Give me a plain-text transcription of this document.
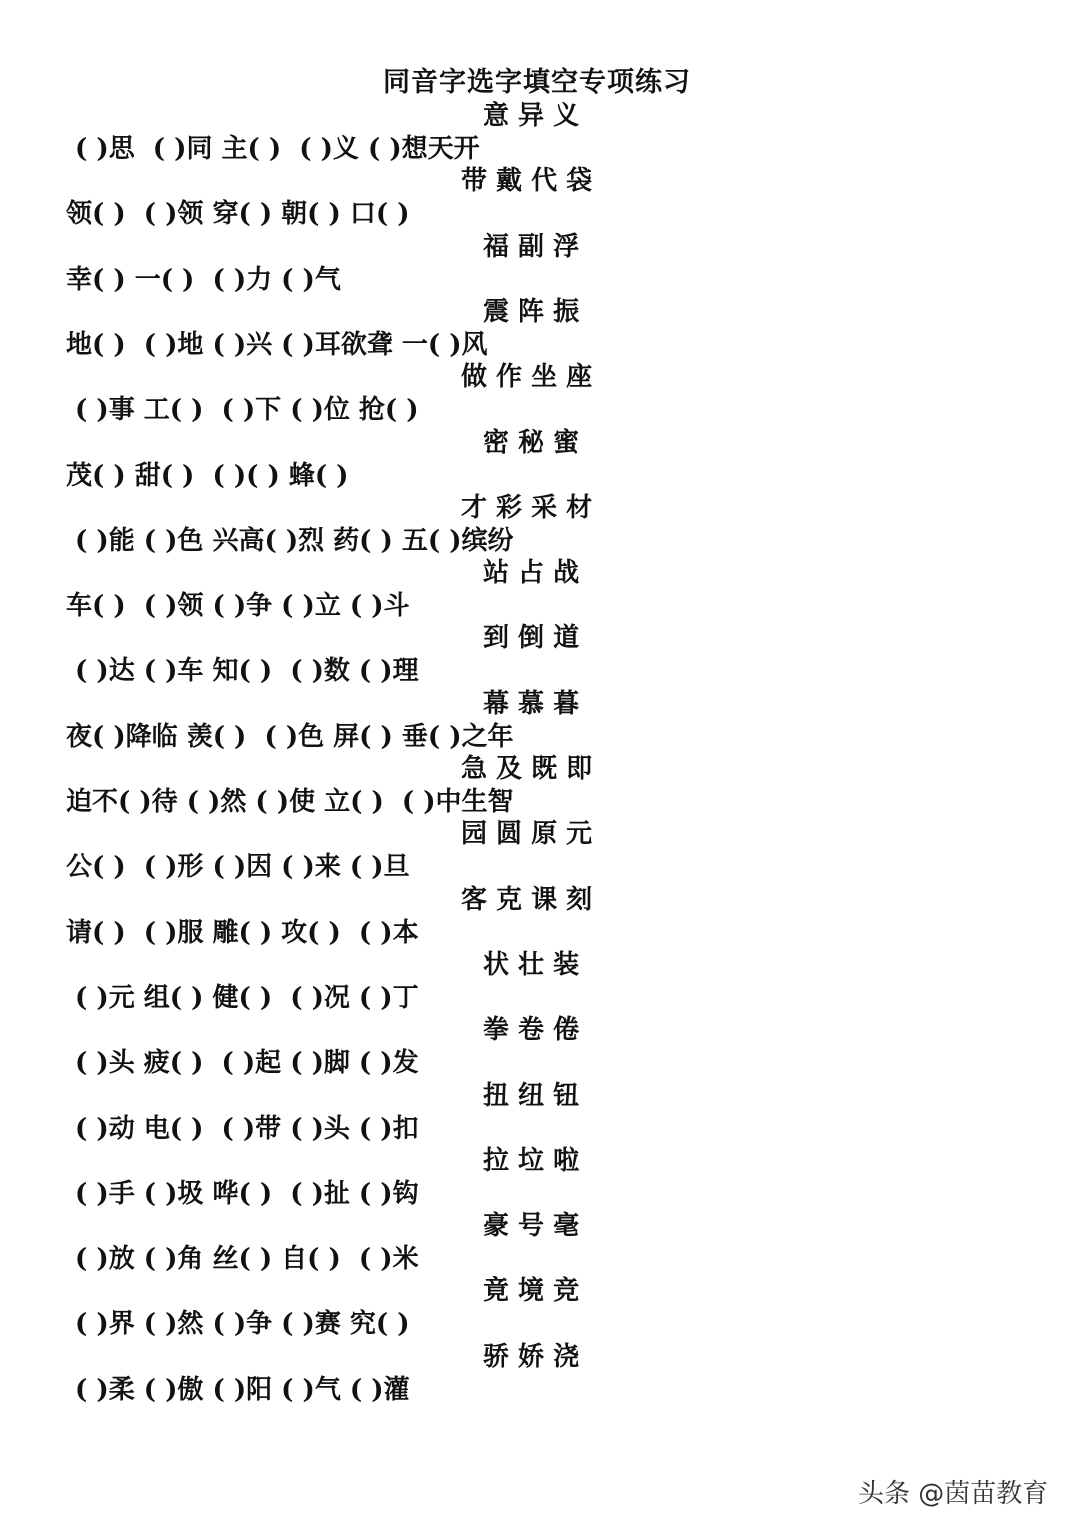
同音字选字填空专项练习
意 异 义
( )思  ( )同 主( )  ( )义 ( )想天开
带 戴 代 袋
领( )  ( )领 穿( ) 朝( ) 口( )
福 副 浮
幸( ) 一( )  ( )力 ( )气
震 阵 振
地( )  ( )地 ( )兴 ( )耳欲聋 一( )风
做 作 坐 座
( )事 工( )  ( )下 ( )位 抢( )
密 秘 蜜
茂( ) 甜( )  ( )( ) 蜂( )
才 彩 采 材
( )能 ( )色 兴高( )烈 药( ) 五( )缤纷
站 占 战
车( )  ( )领 ( )争 ( )立 ( )斗
到 倒 道
( )达 ( )车 知( )  ( )数 ( )理
幕 慕 暮
夜( )降临 羡( )  ( )色 屏( ) 垂( )之年
急 及 既 即
迫不( )待 ( )然 ( )使 立( )  ( )中生智
园 圆 原 元
公( )  ( )形 ( )因 ( )来 ( )旦
客 克 课 刻
请( )  ( )服 雕( ) 攻( )  ( )本
状 壮 装
( )元 组( ) 健( )  ( )况 ( )丁
拳 卷 倦
( )头 疲( )  ( )起 ( )脚 ( )发
扭 纽 钮
( )动 电( )  ( )带 ( )头 ( )扣
拉 垃 啦
( )手 ( )圾 哗( )  ( )扯 ( )钩
豪 号 毫
( )放 ( )角 丝( ) 自( )  ( )米
竟 境 竞
( )界 ( )然 ( )争 ( )赛 究( )
骄 娇 浇
( )柔 ( )傲 ( )阳 ( )气 ( )灌
头条 @茵苗教育
